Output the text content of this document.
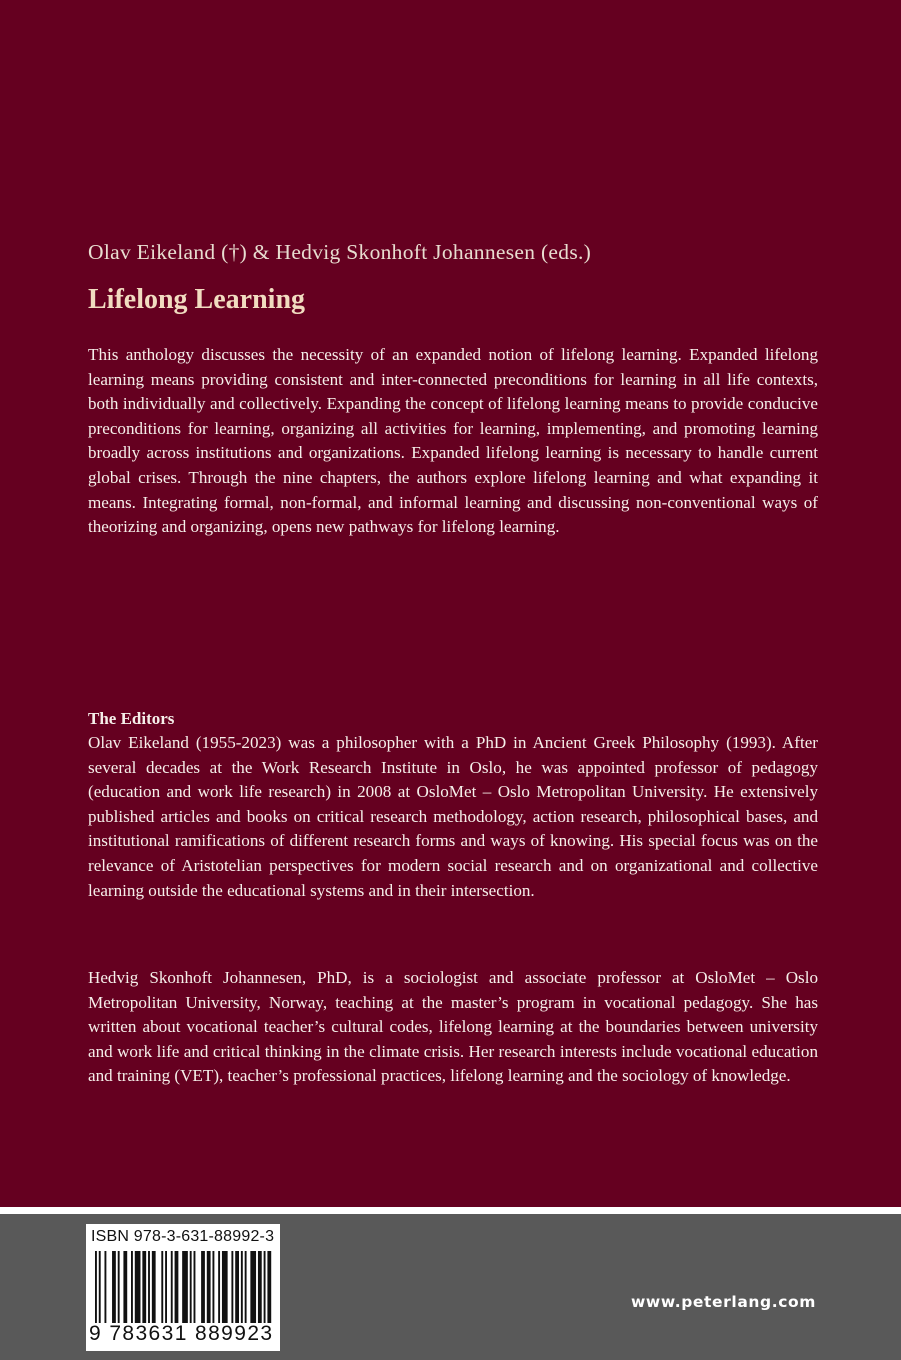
Olav Eikeland (†) & Hedvig Skonhoft Johannesen (eds.)
Lifelong Learning
This anthology discusses the necessity of an expanded notion of lifelong learning. Expanded lifelong learning means providing consistent and inter-connected preconditions for learning in all life contexts, both individually and collectively. Expanding the concept of lifelong learning means to provide conducive preconditions for learning, organizing all activities for learning, implementing, and promoting learning broadly across institutions and organizations. Expanded lifelong learning is necessary to handle current global crises. Through the nine chapters, the authors explore lifelong learning and what expanding it means. Integrating formal, non-formal, and informal learning and discussing non-conventional ways of theorizing and organizing, opens new pathways for lifelong learning.
The Editors
Olav Eikeland (1955-2023) was a philosopher with a PhD in Ancient Greek Philosophy (1993). After several decades at the Work Research Institute in Oslo, he was appointed professor of pedagogy (education and work life research) in 2008 at OsloMet – Oslo Metropolitan University. He extensively published articles and books on critical research methodology, action research, philosophical bases, and institutional ramifications of different research forms and ways of knowing. His special focus was on the relevance of Aristotelian perspectives for modern social research and on organizational and collective learning outside the educational systems and in their intersection.
Hedvig Skonhoft Johannesen, PhD, is a sociologist and associate professor at OsloMet – Oslo Metropolitan University, Norway, teaching at the master’s program in vocational pedagogy. She has written about vocational teacher’s cultural codes, lifelong learning at the boundaries between university and work life and critical thinking in the climate crisis. Her research interests include vocational education and training (VET), teacher’s professional practices, lifelong learning and the sociology of knowledge.
ISBN 978-3-631-88992-3
9 783631 889923
www.peterlang.com
